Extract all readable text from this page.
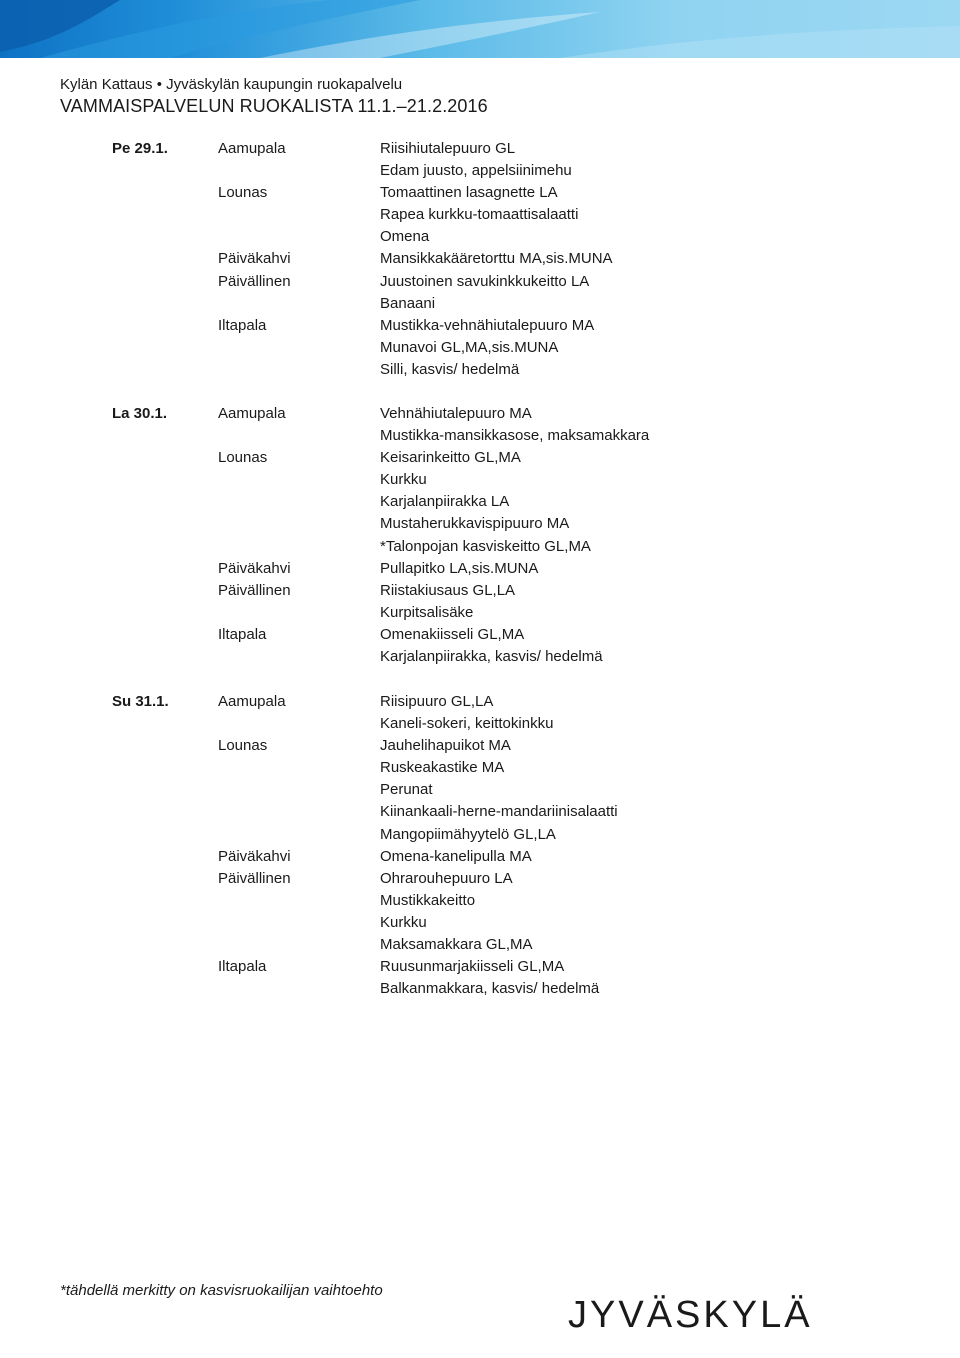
Kylän Kattaus • Jyväskylän kaupungin ruokapalvelu
VAMMAISPALVELUN RUOKALISTA 11.1.–21.2.2016
Pe 29.1.	Aamupala	Riisihiutalepuuro GL
Edam juusto, appelsiinimehu
Lounas	Tomaattinen lasagnette LA
Rapea kurkku-tomaattisalaatti
Omena
Päiväkahvi	Mansikkakääretorttu MA,sis.MUNA
Päivällinen	Juustoinen savukinkkukeitto LA
Banaani
Iltapala	Mustikka-vehnähiutalepuuro MA
Munavoi GL,MA,sis.MUNA
Silli, kasvis/ hedelmä
La 30.1.	Aamupala	Vehnähiutalepuuro MA
Mustikka-mansikkasose, maksamakkara
Lounas	Keisarinkeitto GL,MA
Kurkku
Karjalanpiirakka LA
Mustaherukkavispipuuro MA
*Talonpojan kasviskeitto GL,MA
Päiväkahvi	Pullapitko LA,sis.MUNA
Päivällinen	Riistakiusaus GL,LA
Kurpitsalisäke
Iltapala	Omenakiisseli GL,MA
Karjalanpiirakka, kasvis/ hedelmä
Su 31.1.	Aamupala	Riisipuuro GL,LA
Kaneli-sokeri, keittokinkku
Lounas	Jauhelihapuikot MA
Ruskeakastike MA
Perunat
Kiinankaali-herne-mandariinisalaatti
Mangopiimähyytelö GL,LA
Päiväkahvi	Omena-kanelipulla MA
Päivällinen	Ohrarouhepuuro LA
Mustikkakeitto
Kurkku
Maksamakkara GL,MA
Iltapala	Ruusunmarjakiisseli GL,MA
Balkanmakkara, kasvis/ hedelmä
*tähdellä merkitty on kasvisruokailijan vaihtoehto
JYVÄSKYLÄ
